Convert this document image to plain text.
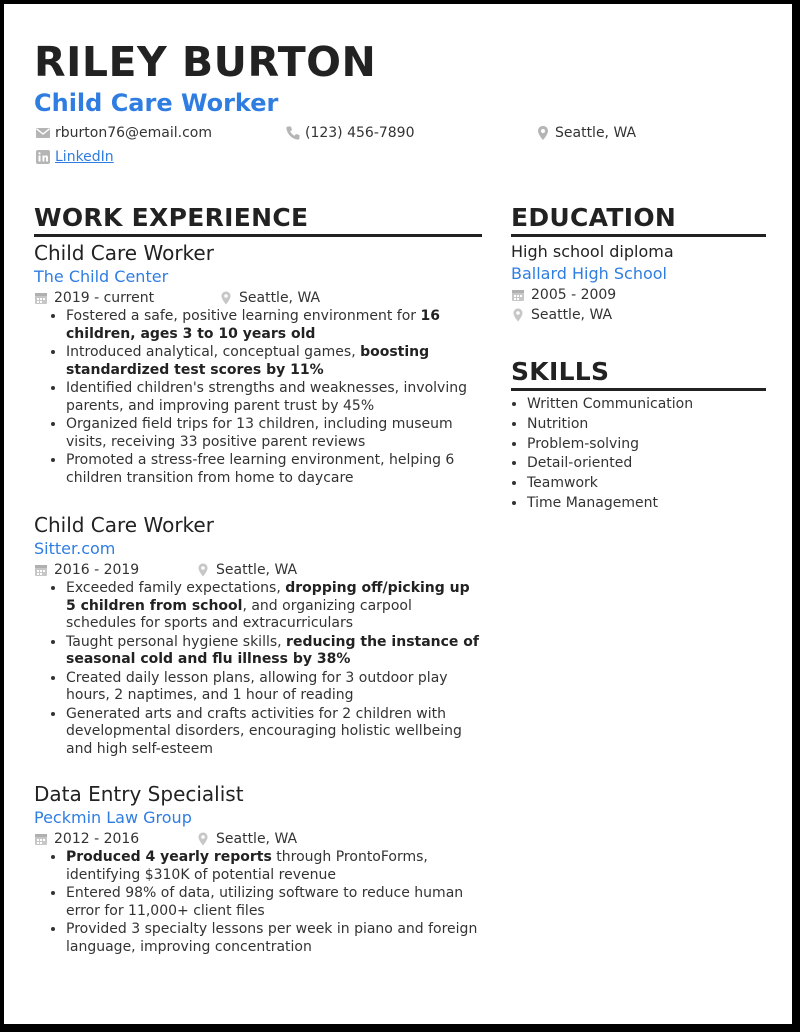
RILEY BURTON
Child Care Worker
rburton76@email.com	(123) 456-7890	Seattle, WA
LinkedIn
WORK EXPERIENCE
Child Care Worker
The Child Center
2019 - current	Seattle, WA
• Fostered a safe, positive learning environment for 16 children, ages 3 to 10 years old
• Introduced analytical, conceptual games, boosting standardized test scores by 11%
• Identified children's strengths and weaknesses, involving parents, and improving parent trust by 45%
• Organized field trips for 13 children, including museum visits, receiving 33 positive parent reviews
• Promoted a stress-free learning environment, helping 6 children transition from home to daycare
Child Care Worker
Sitter.com
2016 - 2019	Seattle, WA
• Exceeded family expectations, dropping off/picking up 5 children from school, and organizing carpool schedules for sports and extracurriculars
• Taught personal hygiene skills, reducing the instance of seasonal cold and flu illness by 38%
• Created daily lesson plans, allowing for 3 outdoor play hours, 2 naptimes, and 1 hour of reading
• Generated arts and crafts activities for 2 children with developmental disorders, encouraging holistic wellbeing and high self-esteem
Data Entry Specialist
Peckmin Law Group
2012 - 2016	Seattle, WA
• Produced 4 yearly reports through ProntoForms, identifying $310K of potential revenue
• Entered 98% of data, utilizing software to reduce human error for 11,000+ client files
• Provided 3 specialty lessons per week in piano and foreign language, improving concentration
EDUCATION
High school diploma
Ballard High School
2005 - 2009
Seattle, WA
SKILLS
• Written Communication
• Nutrition
• Problem-solving
• Detail-oriented
• Teamwork
• Time Management
